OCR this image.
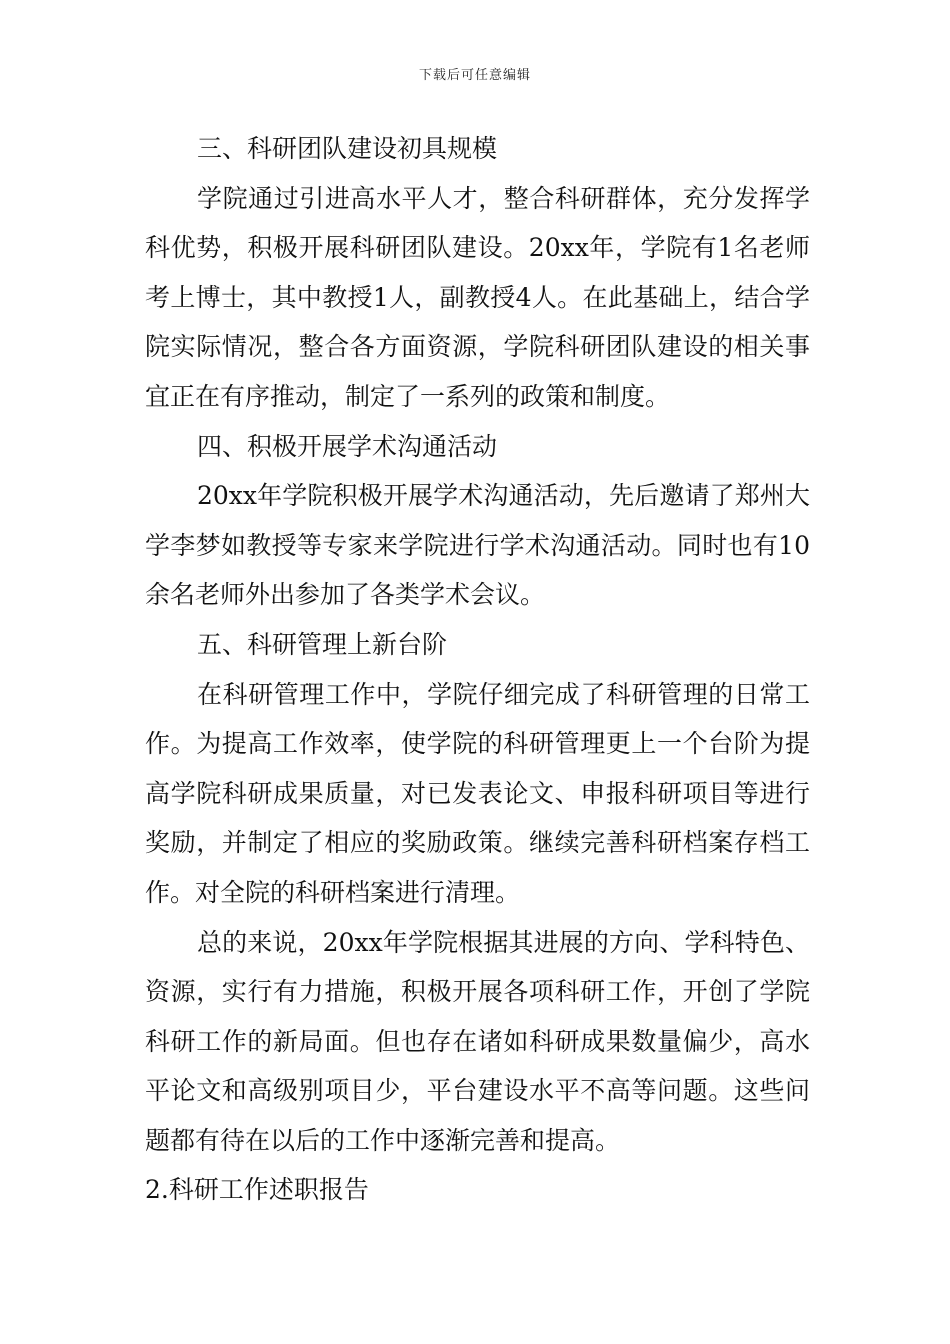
下载后可任意编辑

三、科研团队建设初具规模

学院通过引进高水平人才，整合科研群体，充分发挥学科优势，积极开展科研团队建设。20xx年，学院有1名老师考上博士，其中教授1人，副教授4人。在此基础上，结合学院实际情况，整合各方面资源，学院科研团队建设的相关事宜正在有序推动，制定了一系列的政策和制度。

四、积极开展学术沟通活动

20xx年学院积极开展学术沟通活动，先后邀请了郑州大学李梦如教授等专家来学院进行学术沟通活动。同时也有10余名老师外出参加了各类学术会议。

五、科研管理上新台阶

在科研管理工作中，学院仔细完成了科研管理的日常工作。为提高工作效率，使学院的科研管理更上一个台阶为提高学院科研成果质量，对已发表论文、申报科研项目等进行奖励，并制定了相应的奖励政策。继续完善科研档案存档工作。对全院的科研档案进行清理。

总的来说，20xx年学院根据其进展的方向、学科特色、资源，实行有力措施，积极开展各项科研工作，开创了学院科研工作的新局面。但也存在诸如科研成果数量偏少，高水平论文和高级别项目少，平台建设水平不高等问题。这些问题都有待在以后的工作中逐渐完善和提高。

2.科研工作述职报告
